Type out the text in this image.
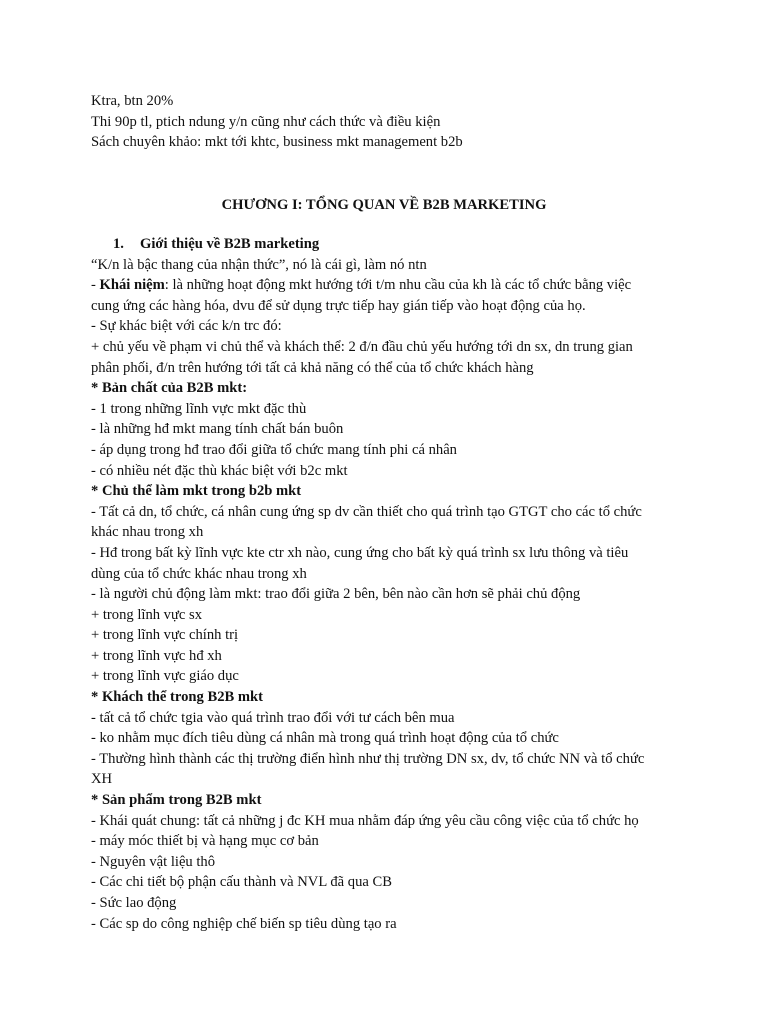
Ktra, btn 20%
Thi 90p tl, ptich ndung y/n cũng như cách thức và điều kiện
Sách chuyên khảo: mkt tới khtc, business mkt management b2b
CHƯƠNG I: TỔNG QUAN VỀ B2B MARKETING
1. Giới thiệu về B2B marketing
“K/n là bậc thang của nhận thức”, nó là cái gì, làm nó ntn
- Khái niệm: là những hoạt động mkt hướng tới t/m nhu cầu của kh là các tổ chức bằng việc cung ứng các hàng hóa, dvu để sử dụng trực tiếp hay gián tiếp vào hoạt động của họ.
- Sự khác biệt với các k/n trc đó:
+ chủ yếu về phạm vi chủ thể và khách thể: 2 đ/n đầu chủ yếu hướng tới dn sx, dn trung gian phân phối, đ/n trên hướng tới tất cả khả năng có thể của tổ chức khách hàng
* Bản chất của B2B mkt:
- 1 trong những lĩnh vực mkt đặc thù
- là những hđ mkt mang tính chất bán buôn
- áp dụng trong hđ trao đổi giữa tổ chức mang tính phi cá nhân
- có nhiều nét đặc thù khác biệt với b2c mkt
* Chủ thể làm mkt trong b2b mkt
- Tất cả dn, tổ chức, cá nhân cung ứng sp dv cần thiết cho quá trình tạo GTGT cho các tổ chức khác nhau trong xh
- Hđ trong bất kỳ lĩnh vực kte ctr xh nào, cung ứng cho bất kỳ quá trình sx lưu thông và tiêu dùng của tổ chức khác nhau trong xh
- là người chủ động làm mkt: trao đổi giữa 2 bên, bên nào cần hơn sẽ phải chủ động
+ trong lĩnh vực sx
+ trong lĩnh vực chính trị
+ trong lĩnh vực hđ xh
+ trong lĩnh vực giáo dục
* Khách thể trong B2B mkt
- tất cả tổ chức tgia vào quá trình trao đổi với tư cách bên mua
- ko nhằm mục đích tiêu dùng cá nhân mà trong quá trình hoạt động của tổ chức
- Thường hình thành các thị trường điển hình như thị trường DN sx, dv, tổ chức NN và tổ chức XH
* Sản phẩm trong B2B mkt
- Khái quát chung: tất cả những j đc KH mua nhằm đáp ứng yêu cầu công việc của tổ chức họ
- máy móc thiết bị và hạng mục cơ bản
- Nguyên vật liệu thô
- Các chi tiết bộ phận cấu thành và NVL đã qua CB
- Sức lao động
- Các sp do công nghiệp chế biến sp tiêu dùng tạo ra
